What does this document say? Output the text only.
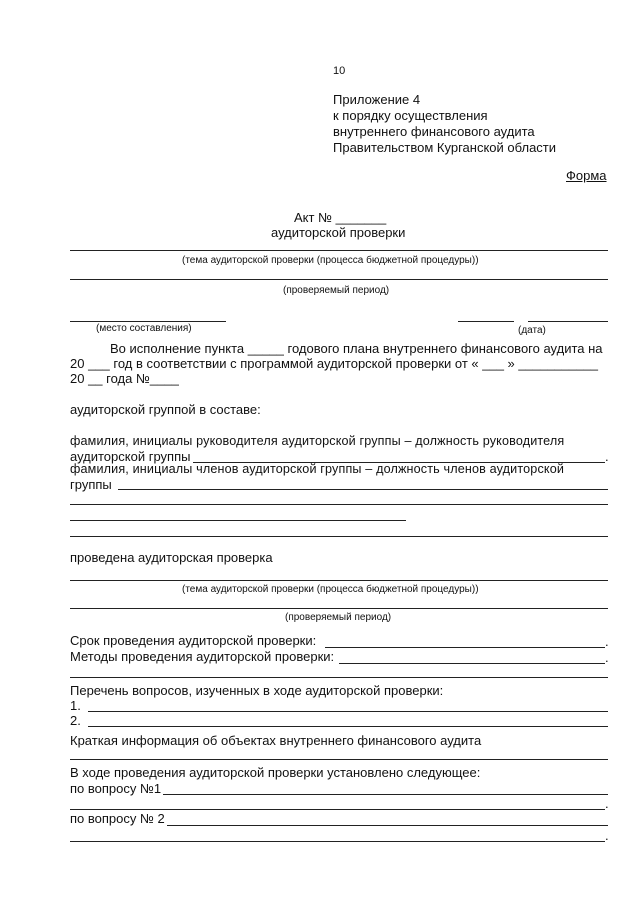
10
Приложение 4
к порядку осуществления
внутреннего финансового аудита
Правительством Курганской области
Форма
Акт № _______
аудиторской проверки
(тема аудиторской проверки (процесса бюджетной процедуры))
(проверяемый период)
(место составления)	(дата)
Во исполнение пункта _____ годового плана внутреннего финансового аудита на
20 ___ год в соответствии с программой аудиторской проверки от « ___ » ___________
20 __ года №____
аудиторской группой в составе:
фамилия, инициалы руководителя аудиторской группы – должность руководителя
аудиторской группы	.
фамилия, инициалы членов аудиторской группы – должность членов аудиторской
группы
проведена аудиторская проверка
(тема аудиторской проверки (процесса бюджетной процедуры))
(проверяемый период)
Срок проведения аудиторской проверки:	.
Методы проведения аудиторской проверки:	.
Перечень вопросов, изученных в ходе аудиторской проверки:
1.
2.
Краткая информация об объектах внутреннего финансового аудита
В ходе проведения аудиторской проверки установлено следующее:
по вопросу №1
.
по вопросу № 2
.
